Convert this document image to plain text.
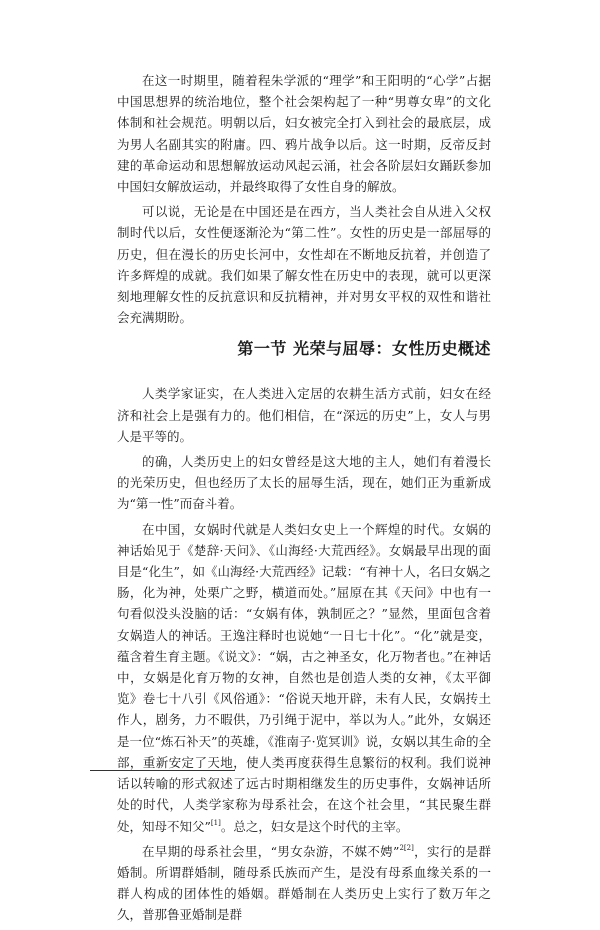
在这一时期里，随着程朱学派的“理学”和王阳明的“心学”占据中国思想界的统治地位，整个社会架构起了一种“男尊女卑”的文化体制和社会规范。明朝以后，妇女被完全打入到社会的最底层，成为男人名副其实的附庸。四、鸦片战争以后。这一时期，反帝反封建的革命运动和思想解放运动风起云涌，社会各阶层妇女踊跃参加中国妇女解放运动，并最终取得了女性自身的解放。

可以说，无论是在中国还是在西方，当人类社会自从进入父权制时代以后，女性便逐渐沦为“第二性”。女性的历史是一部屈辱的历史，但在漫长的历史长河中，女性却在不断地反抗着，并创造了许多辉煌的成就。我们如果了解女性在历史中的表现，就可以更深刻地理解女性的反抗意识和反抗精神，并对男女平权的双性和谐社会充满期盼。

第一节 光荣与屈辱：女性历史概述

人类学家证实，在人类进入定居的农耕生活方式前，妇女在经济和社会上是强有力的。他们相信，在“深远的历史”上，女人与男人是平等的。

的确，人类历史上的妇女曾经是这大地的主人，她们有着漫长的光荣历史，但也经历了太长的屈辱生活，现在，她们正为重新成为“第一性”而奋斗着。

在中国，女娲时代就是人类妇女史上一个辉煌的时代。女娲的神话始见于《楚辞·天问》、《山海经·大荒西经》。女娲最早出现的面目是“化生”，如《山海经·大荒西经》记载：“有神十人，名曰女娲之肠，化为神，处栗广之野，横道而处。”屈原在其《天问》中也有一句看似没头没脑的话：“女娲有体，孰制匠之？”显然，里面包含着女娲造人的神话。王逸注释时也说她“一日七十化”。“化”就是变，蕴含着生育主题。《说文》：“娲，古之神圣女，化万物者也。”在神话中，女娲是化育万物的女神，自然也是创造人类的女神，《太平御览》卷七十八引《风俗通》：“俗说天地开辟，未有人民，女娲抟土作人，剧务，力不暇供，乃引绳于泥中，举以为人。”此外，女娲还是一位“炼石补天”的英雄，《淮南子·览冥训》说，女娲以其生命的全部，重新安定了天地，使人类再度获得生息繁衍的权利。我们说神话以转喻的形式叙述了远古时期相继发生的历史事件，女娲神话所处的时代，人类学家称为母系社会，在这个社会里，“其民聚生群处，知母不知父”[1]。总之，妇女是这个时代的主宰。

在早期的母系社会里，“男女杂游，不媒不娉”$^{2[2]}$，实行的是群婚制。所谓群婚制，随母系氏族而产生，是没有母系血缘关系的一群人构成的团体性的婚姻。群婚制在人类历史上实行了数万年之久，普那鲁亚婚制是群
